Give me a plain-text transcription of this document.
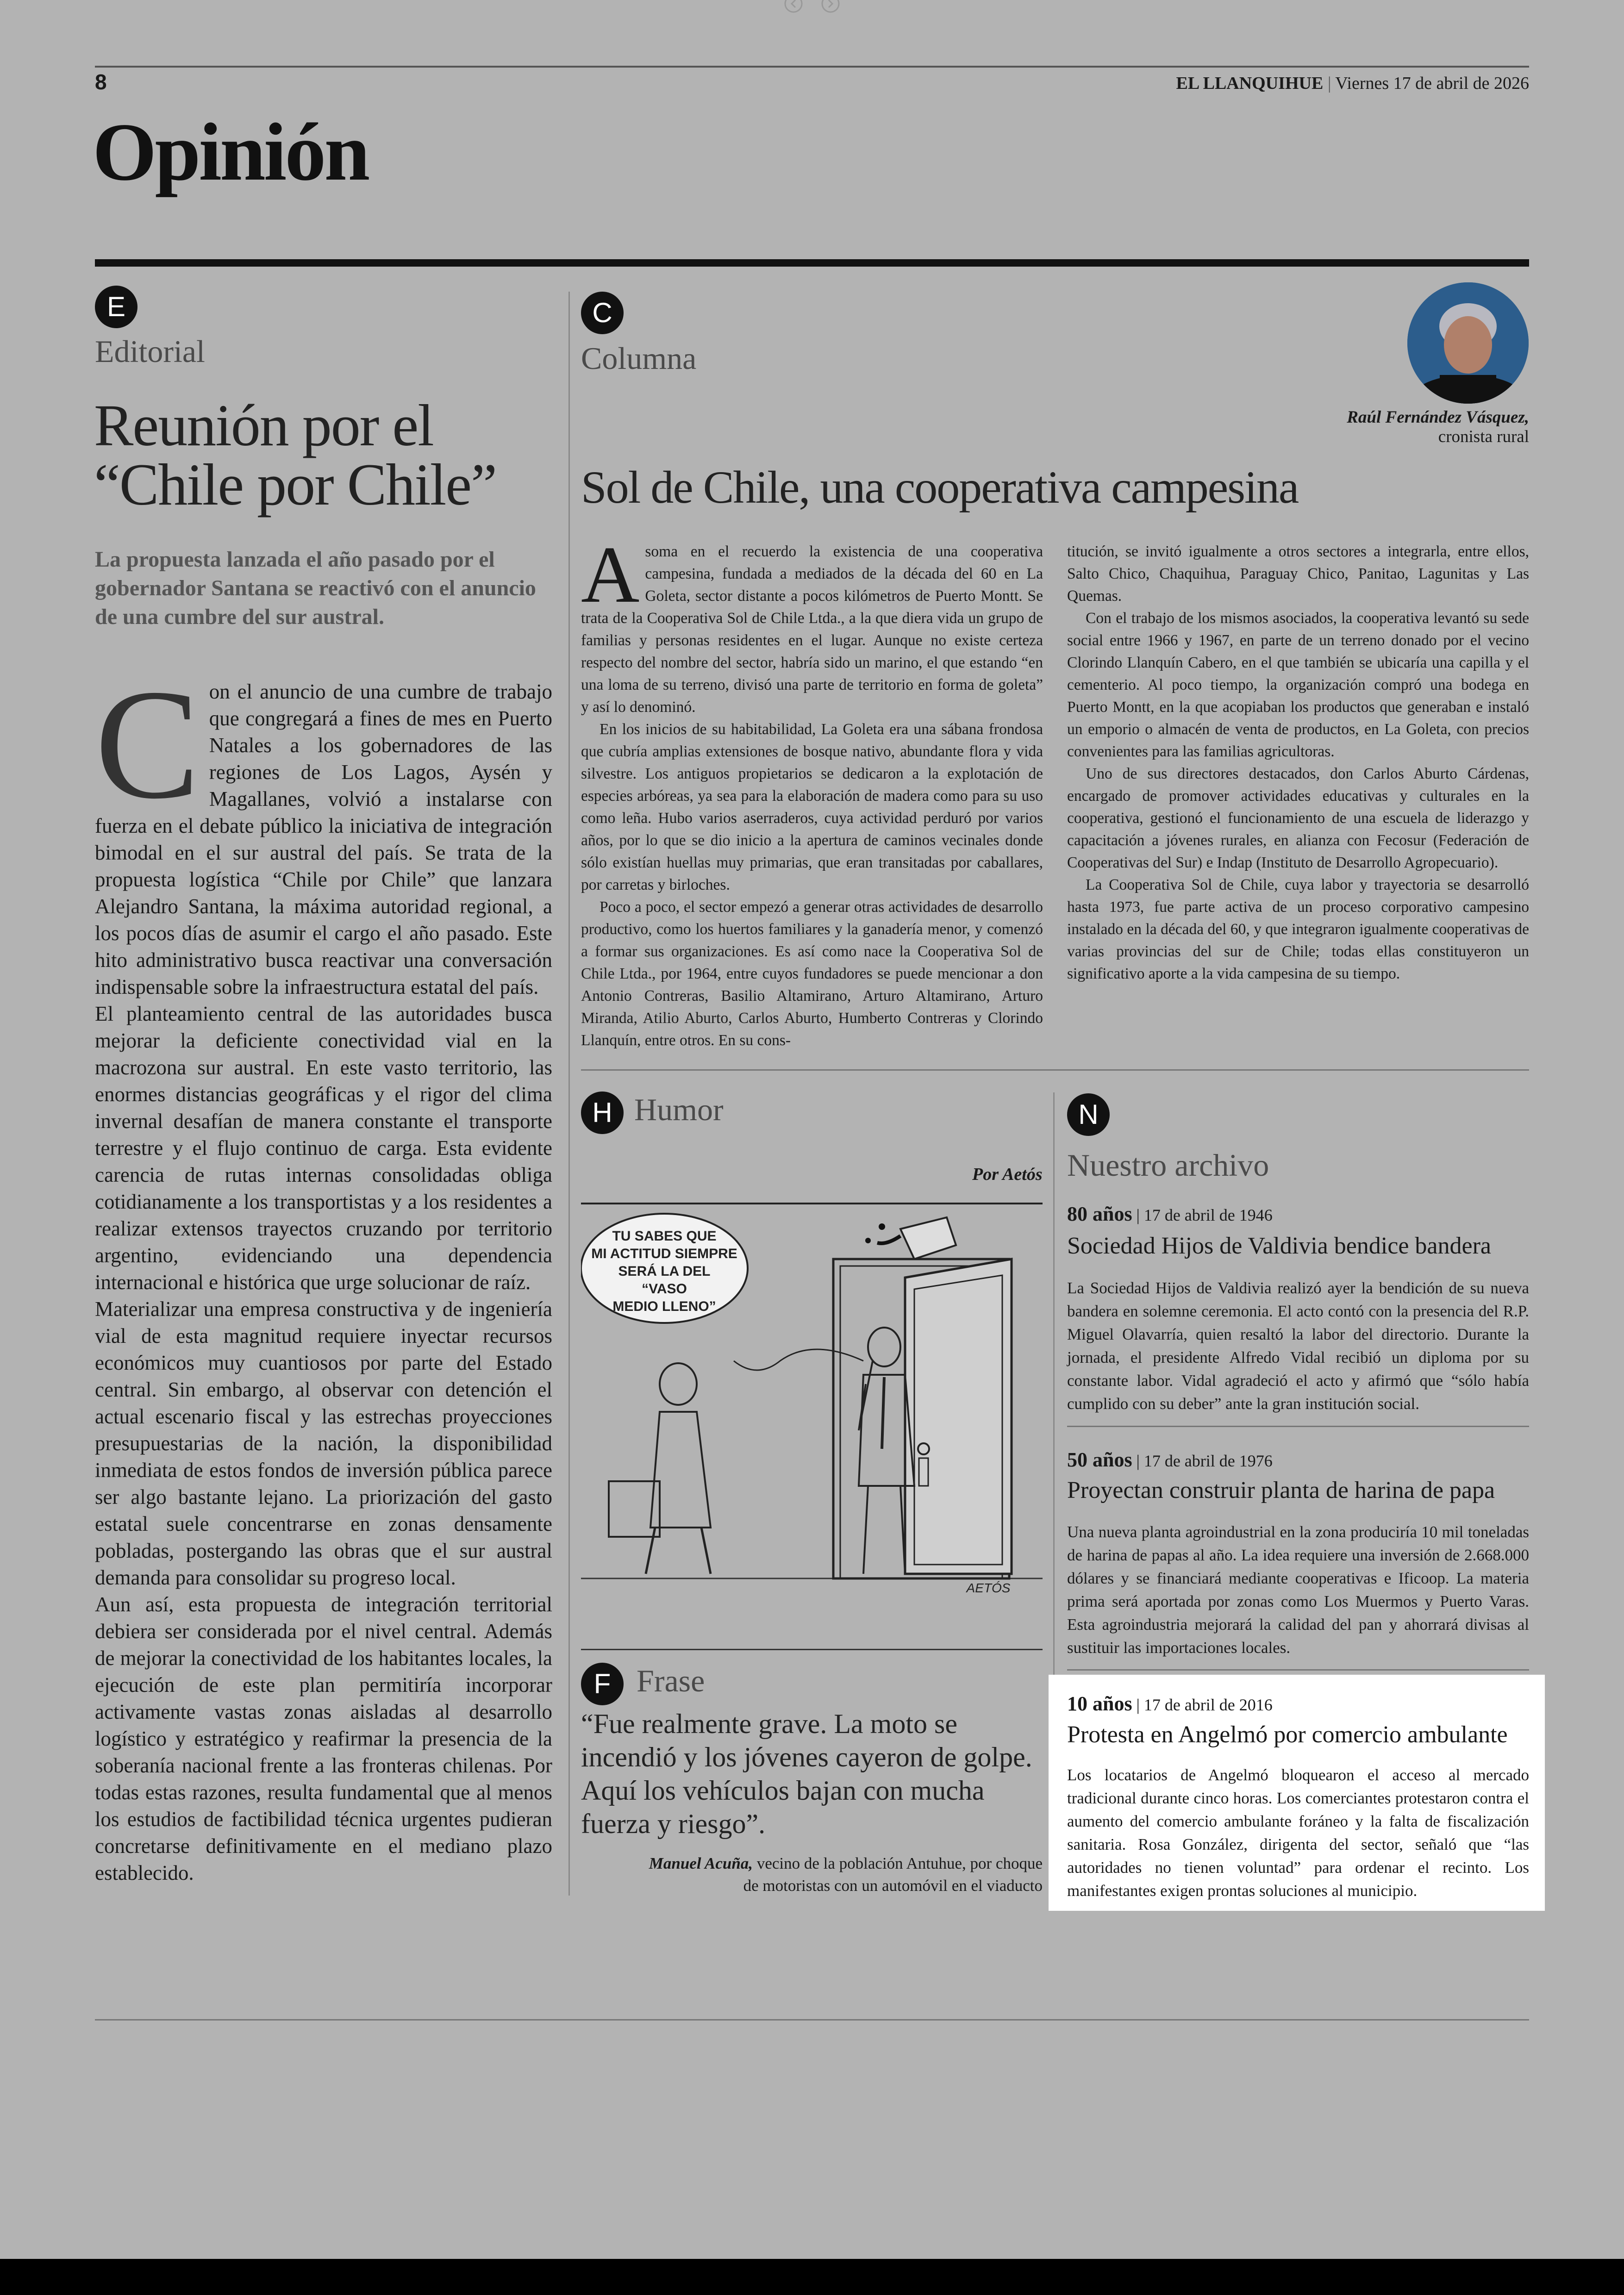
8	EL LLANQUIHUE | Viernes 17 de abril de 2026
Opinión
E
Editorial
Reunión por el “Chile por Chile”
La propuesta lanzada el año pasado por el gobernador Santana se reactivó con el anuncio de una cumbre del sur austral.
C on el anuncio de una cumbre de trabajo que congregará a fines de mes en Puerto Natales a los gobernadores de las regiones de Los Lagos, Aysén y Magallanes, volvió a instalarse con fuerza en el debate público la iniciativa de integración bimodal en el sur austral del país. Se trata de la propuesta logística “Chile por Chile” que lanzara Alejandro Santana, la máxima autoridad regional, a los pocos días de asumir el cargo el año pasado. Este hito administrativo busca reactivar una conversación indispensable sobre la infraestructura estatal del país.

El planteamiento central de las autoridades busca mejorar la deficiente conectividad vial en la macrozona sur austral. En este vasto territorio, las enormes distancias geográficas y el rigor del clima invernal desafían de manera constante el transporte terrestre y el flujo continuo de carga. Esta evidente carencia de rutas internas consolidadas obliga cotidianamente a los transportistas y a los residentes a realizar extensos trayectos cruzando por territorio argentino, evidenciando una dependencia internacional e histórica que urge solucionar de raíz.

Materializar una empresa constructiva y de ingeniería vial de esta magnitud requiere inyectar recursos económicos muy cuantiosos por parte del Estado central. Sin embargo, al observar con detención el actual escenario fiscal y las estrechas proyecciones presupuestarias de la nación, la disponibilidad inmediata de estos fondos de inversión pública parece ser algo bastante lejano. La priorización del gasto estatal suele concentrarse en zonas densamente pobladas, postergando las obras que el sur austral demanda para consolidar su progreso local.

Aun así, esta propuesta de integración territorial debiera ser considerada por el nivel central. Además de mejorar la conectividad de los habitantes locales, la ejecución de este plan permitiría incorporar activamente vastas zonas aisladas al desarrollo logístico y estratégico y reafirmar la presencia de la soberanía nacional frente a las fronteras chilenas. Por todas estas razones, resulta fundamental que al menos los estudios de factibilidad técnica urgentes pudieran concretarse definitivamente en el mediano plazo establecido.

C
Columna
Raúl Fernández Vásquez,
cronista rural
Sol de Chile, una cooperativa campesina
A soma en el recuerdo la existencia de una cooperativa campesina, fundada a mediados de la década del 60 en La Goleta, sector distante a pocos kilómetros de Puerto Montt. Se trata de la Cooperativa Sol de Chile Ltda., a la que diera vida un grupo de familias y personas residentes en el lugar. Aunque no existe certeza respecto del nombre del sector, habría sido un marino, el que estando “en una loma de su terreno, divisó una parte de territorio en forma de goleta” y así lo denominó.

En los inicios de su habitabilidad, La Goleta era una sábana frondosa que cubría amplias extensiones de bosque nativo, abundante flora y vida silvestre. Los antiguos propietarios se dedicaron a la explotación de especies arbóreas, ya sea para la elaboración de madera como para su uso como leña. Hubo varios aserraderos, cuya actividad perduró por varios años, por lo que se dio inicio a la apertura de caminos vecinales donde sólo existían huellas muy primarias, que eran transitadas por caballares, por carretas y birloches.

Poco a poco, el sector empezó a generar otras actividades de desarrollo productivo, como los huertos familiares y la ganadería menor, y comenzó a formar sus organizaciones. Es así como nace la Cooperativa Sol de Chile Ltda., por 1964, entre cuyos fundadores se puede mencionar a don Antonio Contreras, Basilio Altamirano, Arturo Altamirano, Arturo Miranda, Atilio Aburto, Carlos Aburto, Humberto Contreras y Clorindo Llanquín, entre otros. En su cons-

titución, se invitó igualmente a otros sectores a integrarla, entre ellos, Salto Chico, Chaquihua, Paraguay Chico, Panitao, Lagunitas y Las Quemas.

Con el trabajo de los mismos asociados, la cooperativa levantó su sede social entre 1966 y 1967, en parte de un terreno donado por el vecino Clorindo Llanquín Cabero, en el que también se ubicaría una capilla y el cementerio. Al poco tiempo, la organización compró una bodega en Puerto Montt, en la que acopiaban los productos que generaban e instaló un emporio o almacén de venta de productos, en La Goleta, con precios convenientes para las familias agricultoras.

Uno de sus directores destacados, don Carlos Aburto Cárdenas, encargado de promover actividades educativas y culturales en la cooperativa, gestionó el funcionamiento de una escuela de liderazgo y capacitación a jóvenes rurales, en alianza con Fecosur (Federación de Cooperativas del Sur) e Indap (Instituto de Desarrollo Agropecuario).

La Cooperativa Sol de Chile, cuya labor y trayectoria se desarrolló hasta 1973, fue parte activa de un proceso corporativo campesino instalado en la década del 60, y que integraron igualmente cooperativas de varias provincias del sur de Chile; todas ellas constituyeron un significativo aporte a la vida campesina de su tiempo.

H Humor
Por Aetós
TU SABES QUE
MI ACTITUD SIEMPRE
SERÁ LA DEL
“VASO
MEDIO LLENO”
AETÓS
F Frase
“Fue realmente grave. La moto se incendió y los jóvenes cayeron de golpe. Aquí los vehículos bajan con mucha fuerza y riesgo”.
Manuel Acuña, vecino de la población Antuhue, por choque de motoristas con un automóvil en el viaducto
N
Nuestro archivo
80 años | 17 de abril de 1946
Sociedad Hijos de Valdivia bendice bandera
La Sociedad Hijos de Valdivia realizó ayer la bendición de su nueva bandera en solemne ceremonia. El acto contó con la presencia del R.P. Miguel Olavarría, quien resaltó la labor del directorio. Durante la jornada, el presidente Alfredo Vidal recibió un diploma por su constante labor. Vidal agradeció el acto y afirmó que “sólo había cumplido con su deber” ante la gran institución social.
50 años | 17 de abril de 1976
Proyectan construir planta de harina de papa
Una nueva planta agroindustrial en la zona produciría 10 mil toneladas de harina de papas al año. La idea requiere una inversión de 2.668.000 dólares y se financiará mediante cooperativas e Ificoop. La materia prima será aportada por zonas como Los Muermos y Puerto Varas. Esta agroindustria mejorará la calidad del pan y ahorrará divisas al sustituir las importaciones locales.
10 años | 17 de abril de 2016
Protesta en Angelmó por comercio ambulante
Los locatarios de Angelmó bloquearon el acceso al mercado tradicional durante cinco horas. Los comerciantes protestaron contra el aumento del comercio ambulante foráneo y la falta de fiscalización sanitaria. Rosa González, dirigenta del sector, señaló que “las autoridades no tienen voluntad” para ordenar el recinto. Los manifestantes exigen prontas soluciones al municipio.
